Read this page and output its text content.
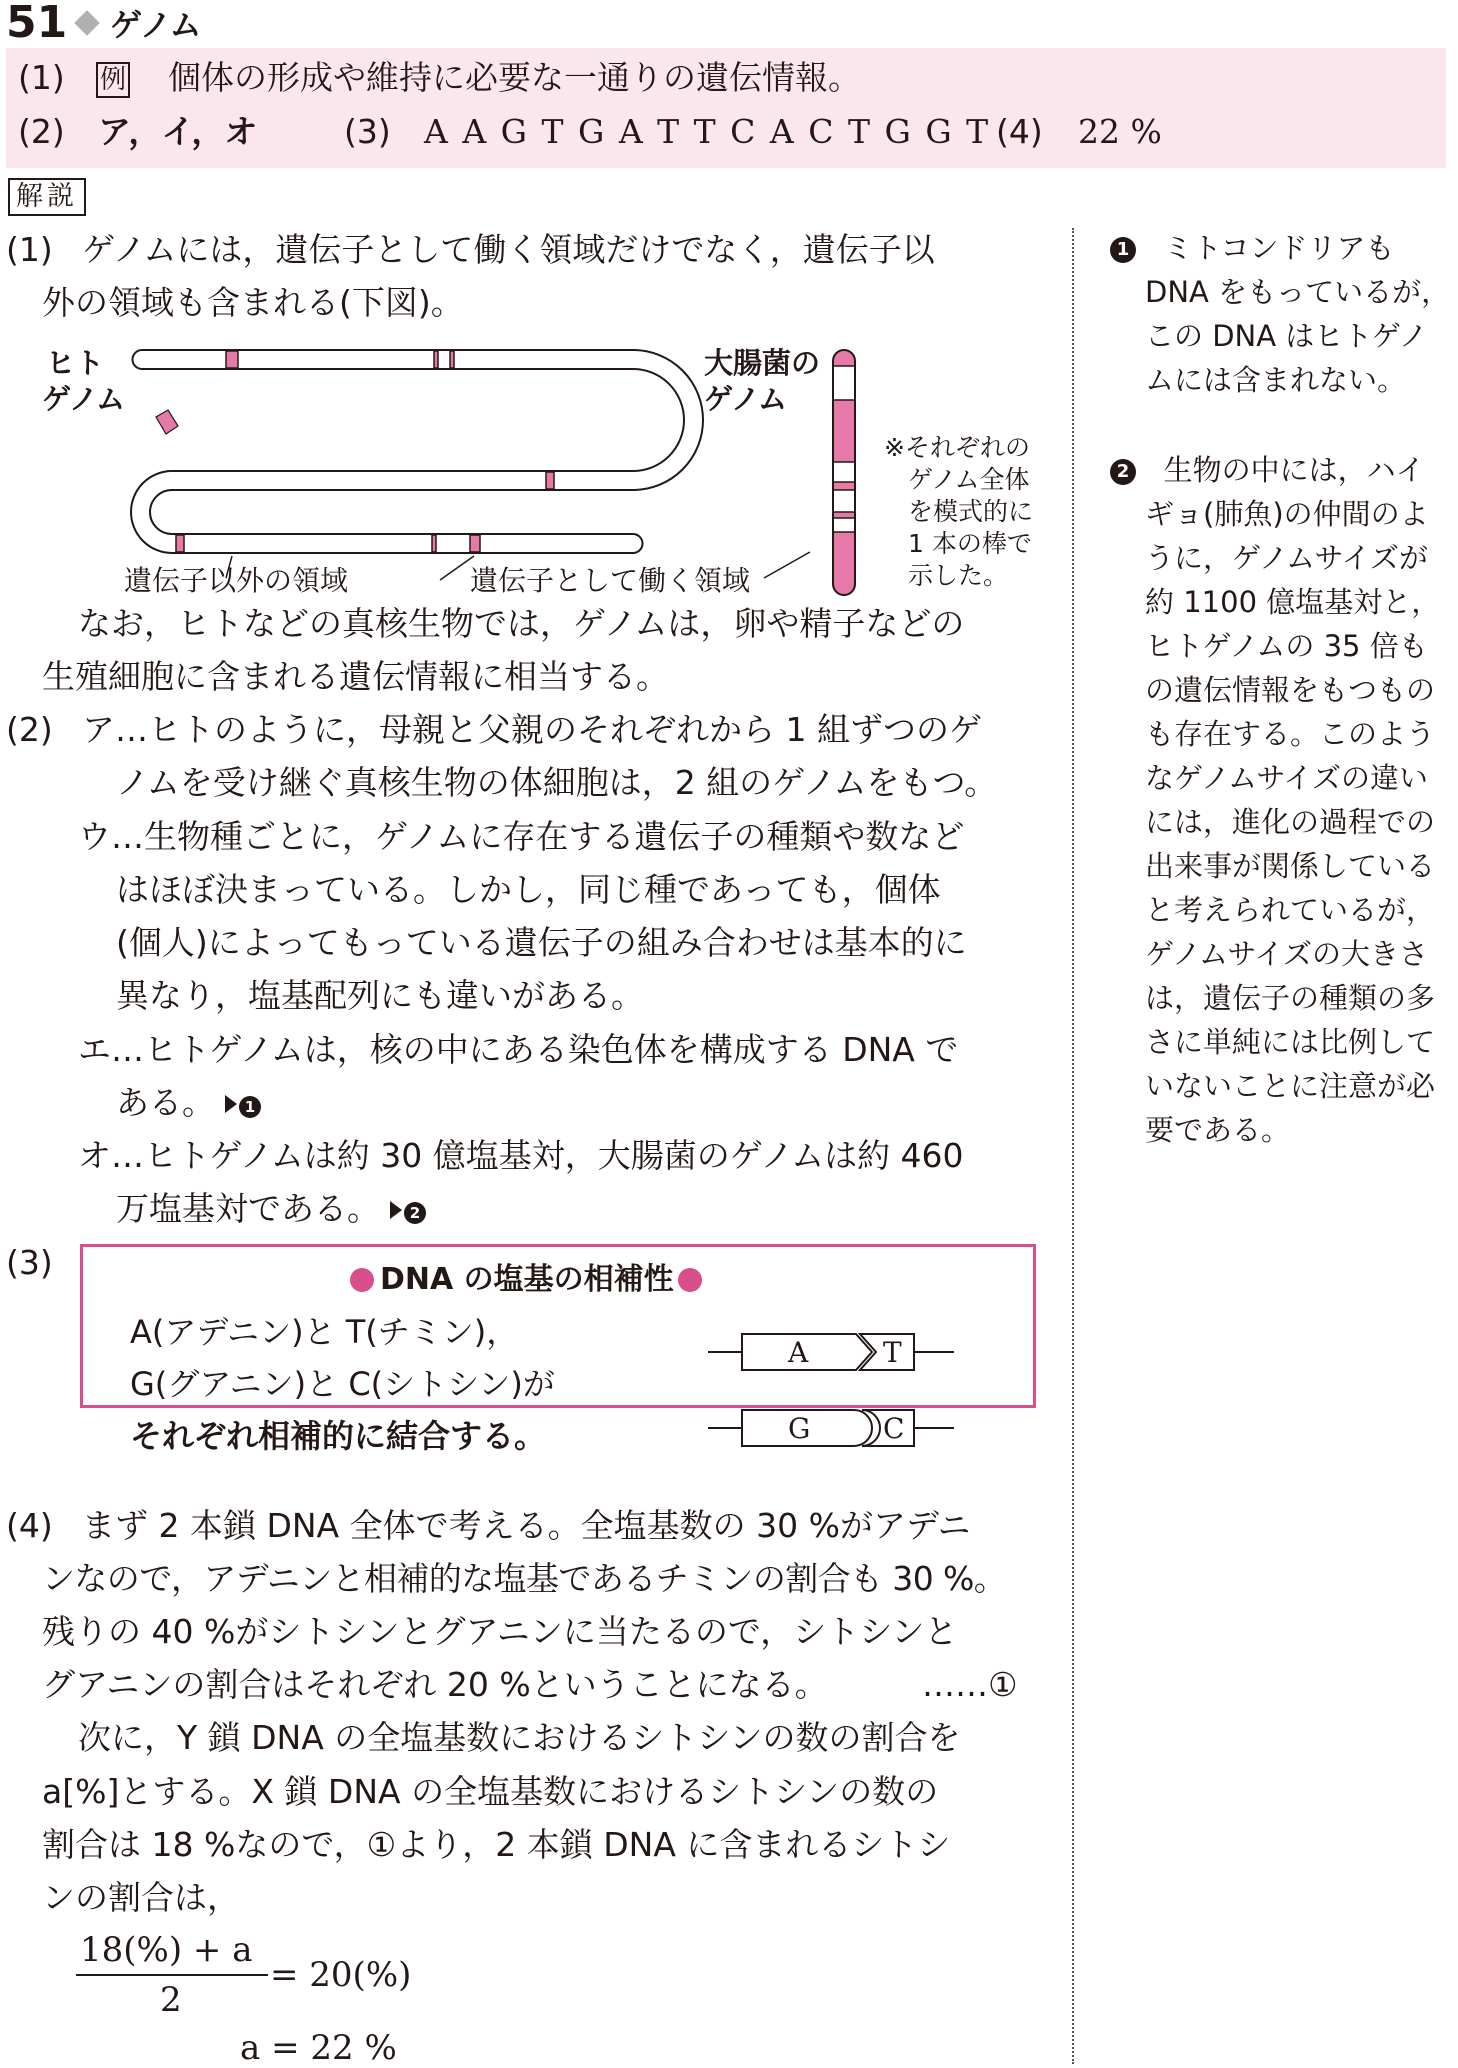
51 ゲノム
(1) 例 個体の形成や維持に必要な一通りの遺伝情報。
(2) ア，イ，オ	(3) A A G T G A T T C A C T G G T (4) 22 %
解説
(1) ゲノムには，遺伝子として働く領域だけでなく，遺伝子以
外の領域も含まれる(下図)。
ヒト
ゲノム
大腸菌の
ゲノム
遺伝子以外の領域	遺伝子として働く領域
※それぞれの
ゲノム全体
を模式的に
1 本の棒で
示した。
なお，ヒトなどの真核生物では，ゲノムは，卵や精子などの
生殖細胞に含まれる遺伝情報に相当する。
(2) ア…ヒトのように，母親と父親のそれぞれから 1 組ずつのゲ
ノムを受け継ぐ真核生物の体細胞は，2 組のゲノムをもつ。
ウ…生物種ごとに，ゲノムに存在する遺伝子の種類や数など
はほぼ決まっている。しかし，同じ種であっても，個体
(個人)によってもっている遺伝子の組み合わせは基本的に
異なり，塩基配列にも違いがある。
エ…ヒトゲノムは，核の中にある染色体を構成する DNA で
ある。 1
オ…ヒトゲノムは約 30 億塩基対，大腸菌のゲノムは約 460
万塩基対である。 2
(3)	DNA の塩基の相補性
A(アデニン)と T(チミン)，
G(グアニン)と C(シトシン)が
それぞれ相補的に結合する。
A	T
G	C
(4) まず 2 本鎖 DNA 全体で考える。全塩基数の 30 %がアデニ
ンなので，アデニンと相補的な塩基であるチミンの割合も 30 %。
残りの 40 %がシトシンとグアニンに当たるので，シトシンと
グアニンの割合はそれぞれ 20 %ということになる。	……①
次に，Y 鎖 DNA の全塩基数におけるシトシンの数の割合を
a[%]とする。X 鎖 DNA の全塩基数におけるシトシンの数の
割合は 18 %なので，①より，2 本鎖 DNA に含まれるシトシ
ンの割合は，
18(%) + a
2
= 20(%)
a = 22 %
1 ミトコンドリアも
DNA をもっているが，
この DNA はヒトゲノ
ムには含まれない。
2 生物の中には，ハイ
ギョ(肺魚)の仲間のよ
うに，ゲノムサイズが
約 1100 億塩基対と，
ヒトゲノムの 35 倍も
の遺伝情報をもつもの
も存在する。このよう
なゲノムサイズの違い
には，進化の過程での
出来事が関係している
と考えられているが，
ゲノムサイズの大きさ
は，遺伝子の種類の多
さに単純には比例して
いないことに注意が必
要である。
